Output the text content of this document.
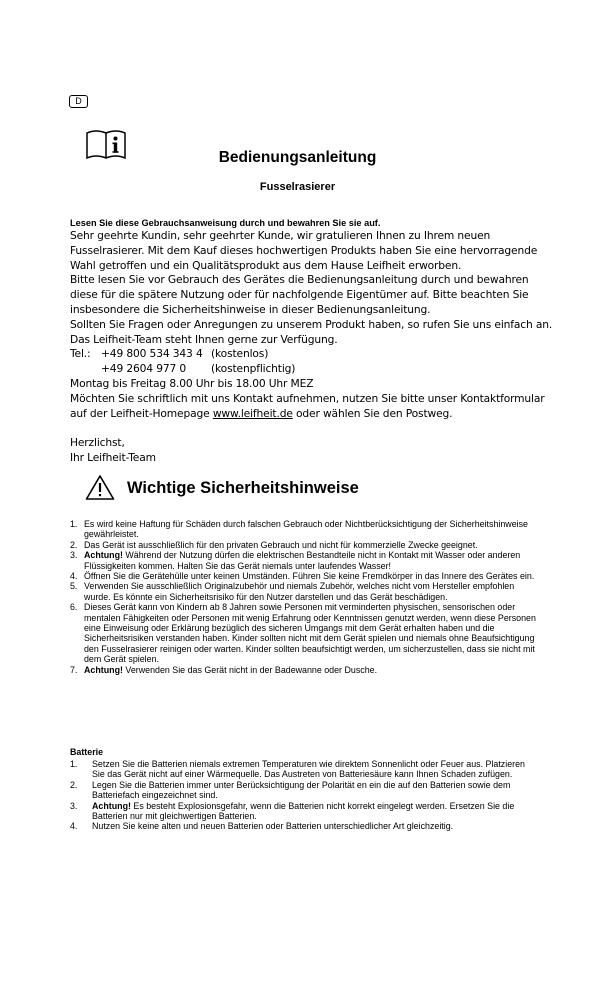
D
Bedienungsanleitung
Fusselrasierer
Lesen Sie diese Gebrauchsanweisung durch und bewahren Sie sie auf.
Sehr geehrte Kundin, sehr geehrter Kunde, wir gratulieren Ihnen zu Ihrem neuen
Fusselrasierer. Mit dem Kauf dieses hochwertigen Produkts haben Sie eine hervorragende
Wahl getroffen und ein Qualitätsprodukt aus dem Hause Leifheit erworben.
Bitte lesen Sie vor Gebrauch des Gerätes die Bedienungsanleitung durch und bewahren
diese für die spätere Nutzung oder für nachfolgende Eigentümer auf. Bitte beachten Sie
insbesondere die Sicherheitshinweise in dieser Bedienungsanleitung.
Sollten Sie Fragen oder Anregungen zu unserem Produkt haben, so rufen Sie uns einfach an.
Das Leifheit-Team steht Ihnen gerne zur Verfügung.
Tel.: +49 800 534 343 4 (kostenlos)
+49 2604 977 0 (kostenpflichtig)
Montag bis Freitag 8.00 Uhr bis 18.00 Uhr MEZ
Möchten Sie schriftlich mit uns Kontakt aufnehmen, nutzen Sie bitte unser Kontaktformular
auf der Leifheit-Homepage www.leifheit.de oder wählen Sie den Postweg.
Herzlichst,
Ihr Leifheit-Team
Wichtige Sicherheitshinweise
1. Es wird keine Haftung für Schäden durch falschen Gebrauch oder Nichtberücksichtigung der Sicherheitshinweise gewährleistet.
2. Das Gerät ist ausschließlich für den privaten Gebrauch und nicht für kommerzielle Zwecke geeignet.
3. Achtung! Während der Nutzung dürfen die elektrischen Bestandteile nicht in Kontakt mit Wasser oder anderen Flüssigkeiten kommen. Halten Sie das Gerät niemals unter laufendes Wasser!
4. Öffnen Sie die Gerätehülle unter keinen Umständen. Führen Sie keine Fremdkörper in das Innere des Gerätes ein.
5. Verwenden Sie ausschließlich Originalzubehör und niemals Zubehör, welches nicht vom Hersteller empfohlen wurde. Es könnte ein Sicherheitsrisiko für den Nutzer darstellen und das Gerät beschädigen.
6. Dieses Gerät kann von Kindern ab 8 Jahren sowie Personen mit verminderten physischen, sensorischen oder mentalen Fähigkeiten oder Personen mit wenig Erfahrung oder Kenntnissen genutzt werden, wenn diese Personen eine Einweisung oder Erklärung bezüglich des sicheren Umgangs mit dem Gerät erhalten haben und die Sicherheitsrisiken verstanden haben. Kinder sollten nicht mit dem Gerät spielen und niemals ohne Beaufsichtigung den Fusselrasierer reinigen oder warten. Kinder sollten beaufsichtigt werden, um sicherzustellen, dass sie nicht mit dem Gerät spielen.
7. Achtung! Verwenden Sie das Gerät nicht in der Badewanne oder Dusche.
Batterie
1. Setzen Sie die Batterien niemals extremen Temperaturen wie direktem Sonnenlicht oder Feuer aus. Platzieren Sie das Gerät nicht auf einer Wärmequelle. Das Austreten von Batteriesäure kann Ihnen Schaden zufügen.
2. Legen Sie die Batterien immer unter Berücksichtigung der Polarität en ein die auf den Batterien sowie dem Batteriefach eingezeichnet sind.
3. Achtung! Es besteht Explosionsgefahr, wenn die Batterien nicht korrekt eingelegt werden. Ersetzen Sie die Batterien nur mit gleichwertigen Batterien.
4. Nutzen Sie keine alten und neuen Batterien oder Batterien unterschiedlicher Art gleichzeitig.
